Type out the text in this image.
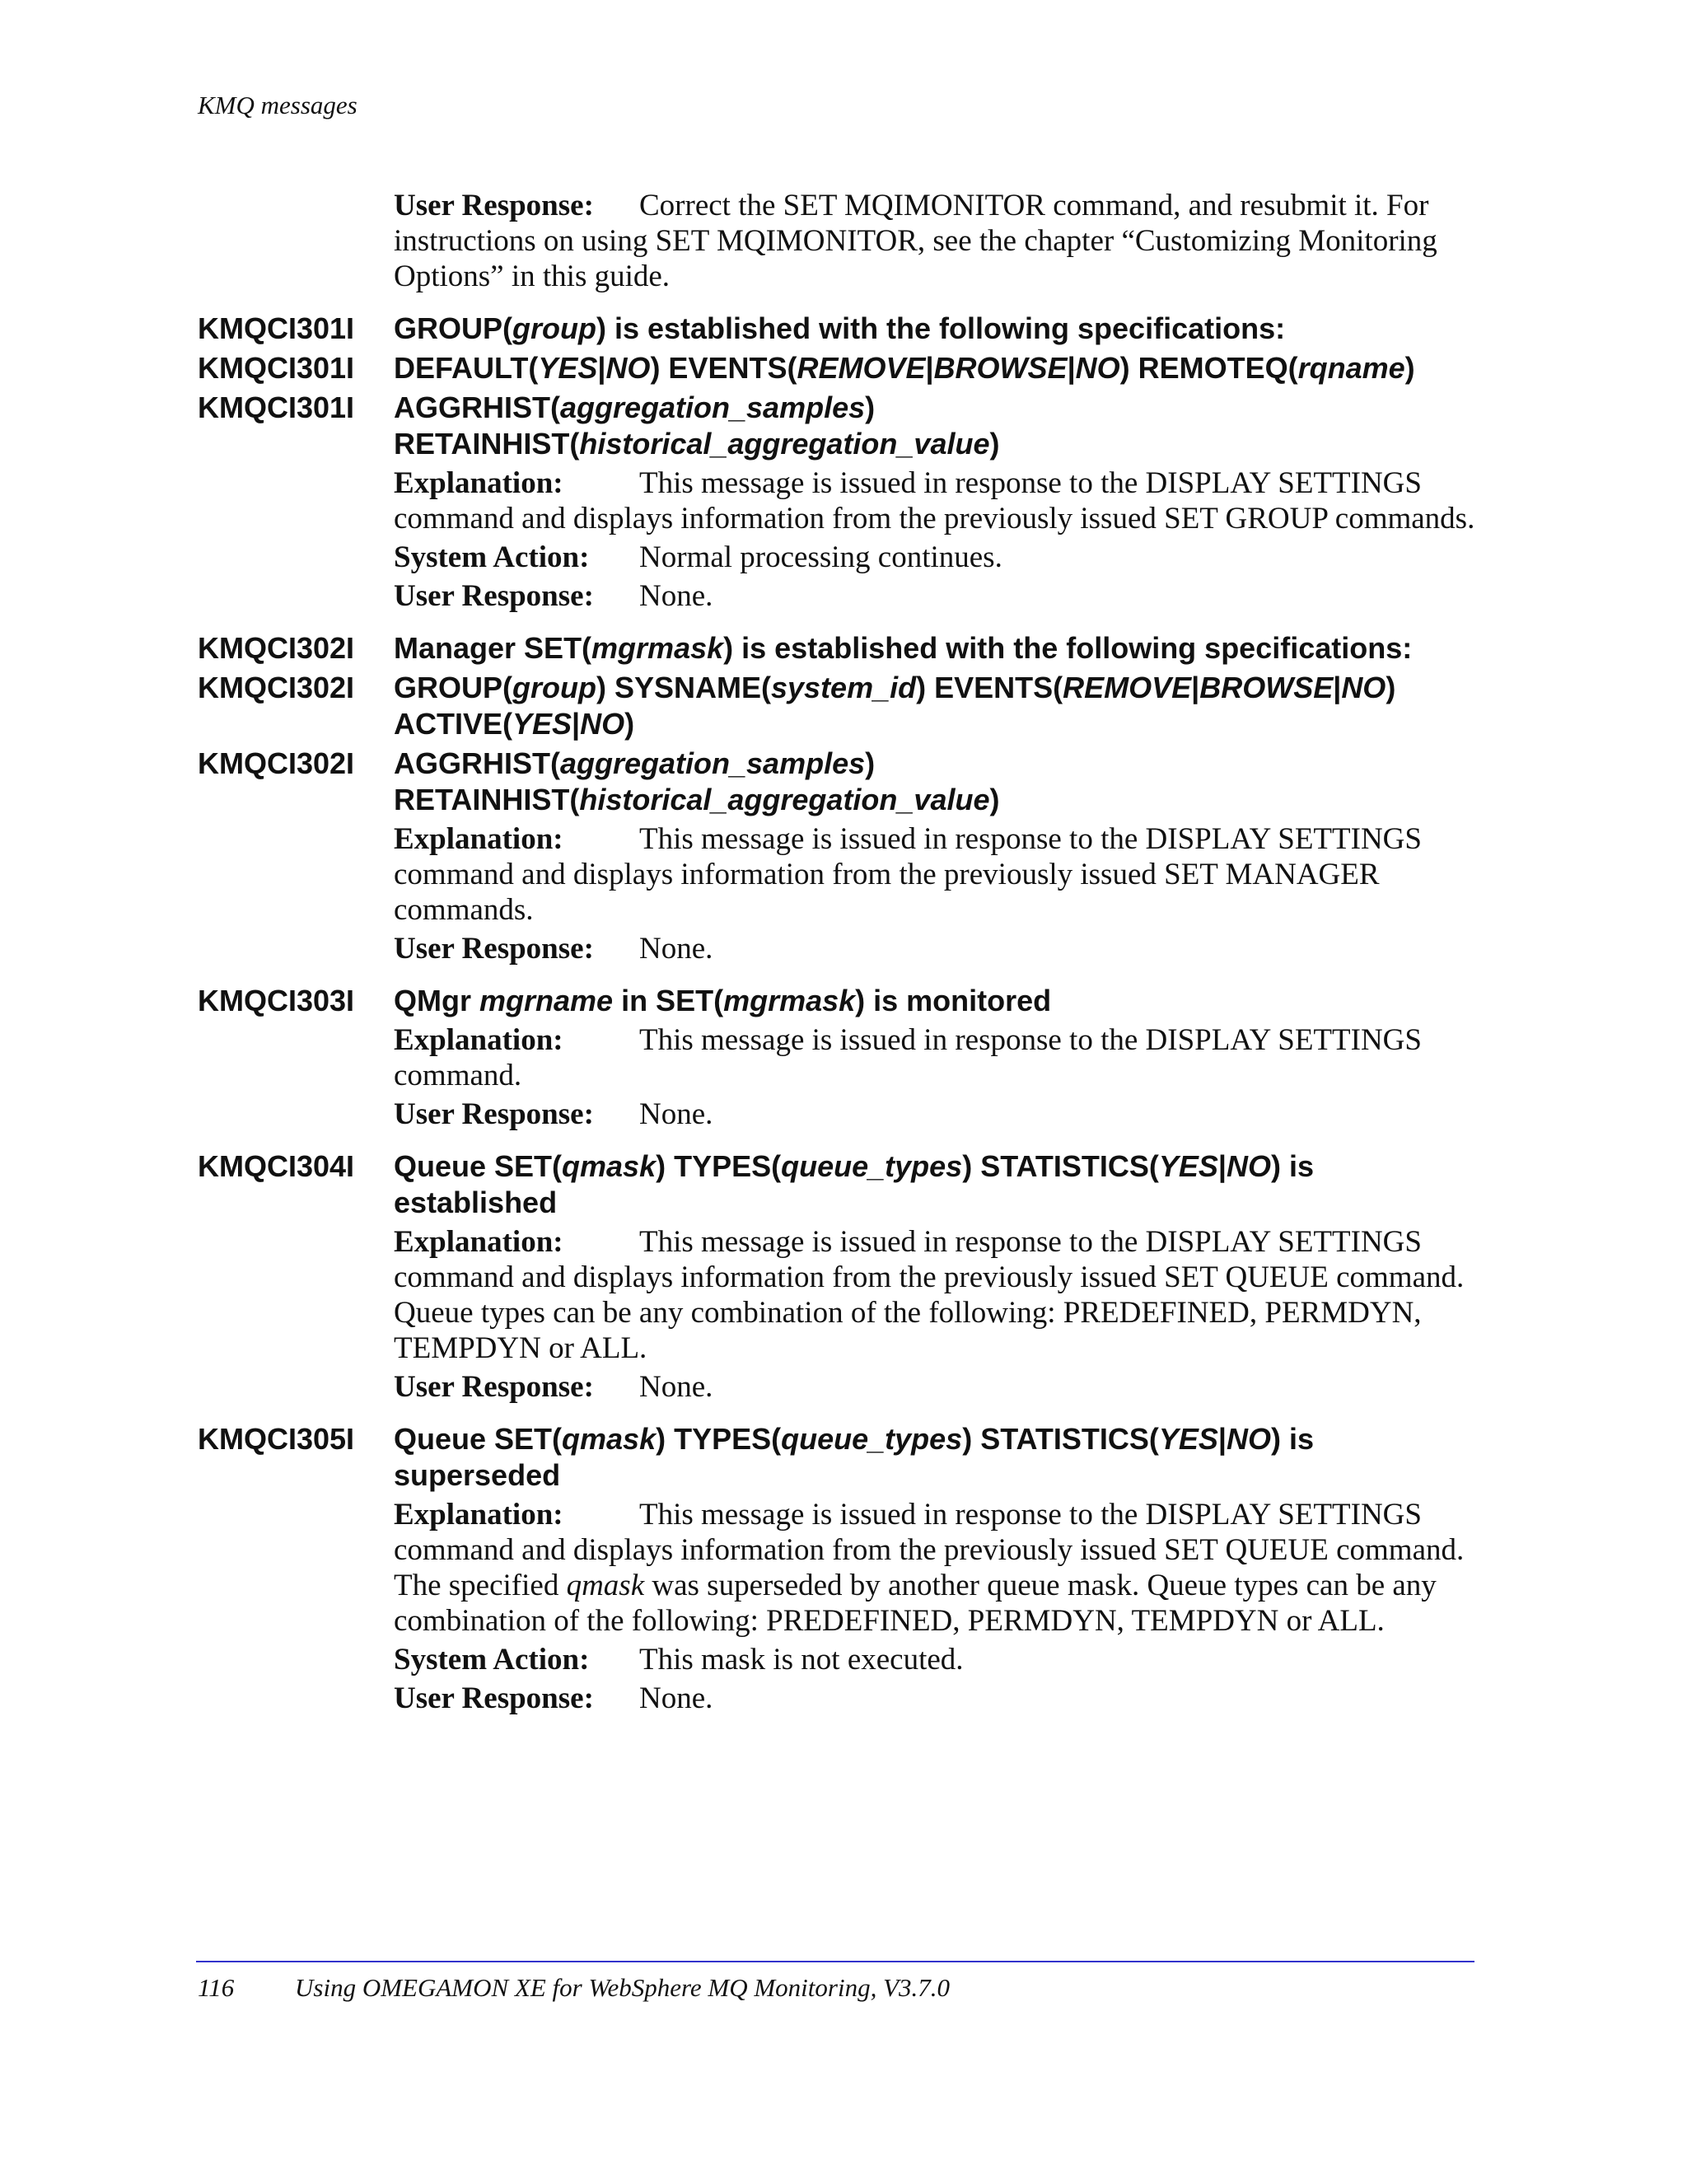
KMQ messages

User Response: Correct the SET MQIMONITOR command, and resubmit it. For instructions on using SET MQIMONITOR, see the chapter “Customizing Monitoring Options” in this guide.

KMQCI301I	GROUP(group) is established with the following specifications:
KMQCI301I	DEFAULT(YES|NO) EVENTS(REMOVE|BROWSE|NO) REMOTEQ(rqname)
KMQCI301I	AGGRHIST(aggregation_samples)
RETAINHIST(historical_aggregation_value)

Explanation: This message is issued in response to the DISPLAY SETTINGS command and displays information from the previously issued SET GROUP commands.

System Action: Normal processing continues.

User Response: None.

KMQCI302I	Manager SET(mgrmask) is established with the following specifications:
KMQCI302I	GROUP(group) SYSNAME(system_id) EVENTS(REMOVE|BROWSE|NO) ACTIVE(YES|NO)
KMQCI302I	AGGRHIST(aggregation_samples)
RETAINHIST(historical_aggregation_value)

Explanation: This message is issued in response to the DISPLAY SETTINGS command and displays information from the previously issued SET MANAGER commands.

User Response: None.

KMQCI303I	QMgr mgrname in SET(mgrmask) is monitored

Explanation: This message is issued in response to the DISPLAY SETTINGS command.

User Response: None.

KMQCI304I	Queue SET(qmask) TYPES(queue_types) STATISTICS(YES|NO) is established

Explanation: This message is issued in response to the DISPLAY SETTINGS command and displays information from the previously issued SET QUEUE command. Queue types can be any combination of the following: PREDEFINED, PERMDYN, TEMPDYN or ALL.

User Response: None.

KMQCI305I	Queue SET(qmask) TYPES(queue_types) STATISTICS(YES|NO) is superseded

Explanation: This message is issued in response to the DISPLAY SETTINGS command and displays information from the previously issued SET QUEUE command. The specified qmask was superseded by another queue mask. Queue types can be any combination of the following: PREDEFINED, PERMDYN, TEMPDYN or ALL.

System Action: This mask is not executed.

User Response: None.

116 Using OMEGAMON XE for WebSphere MQ Monitoring, V3.7.0
